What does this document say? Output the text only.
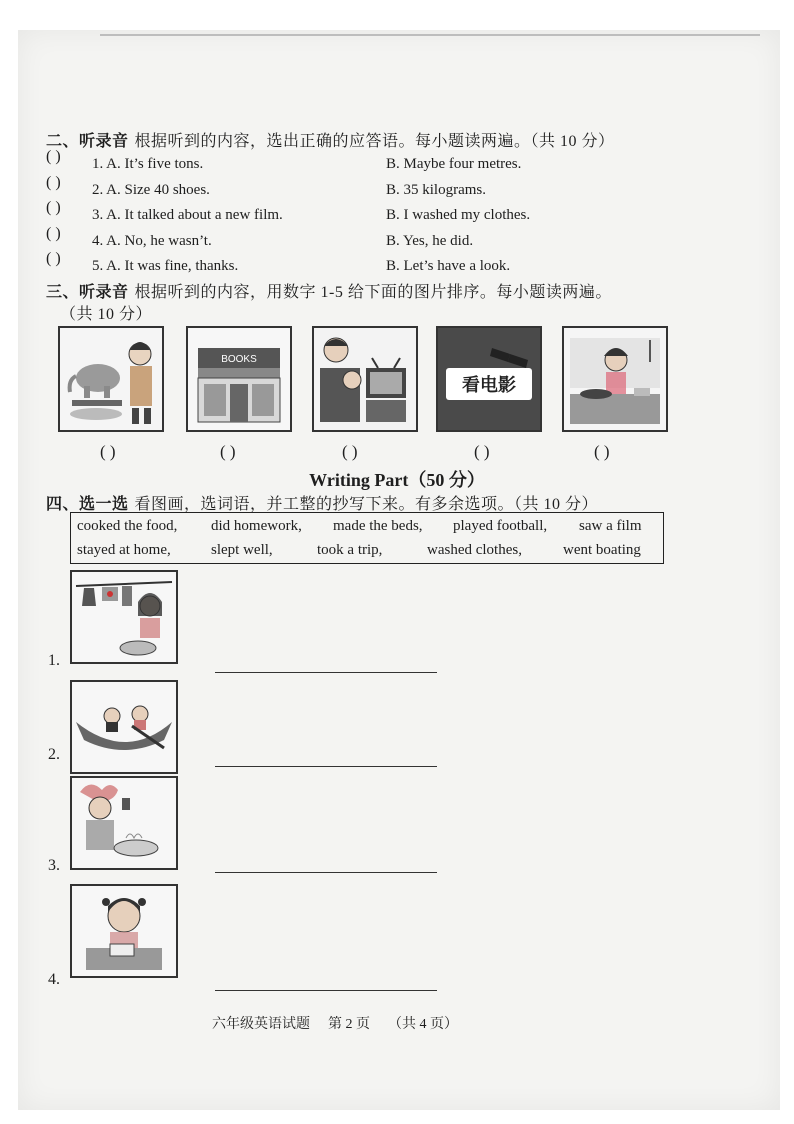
二、听录音 根据听到的内容，选出正确的应答语。每小题读两遍。（共 10 分）
( ) 1. A. It’s five tons.	B. Maybe four metres.
( ) 2. A. Size 40 shoes.	B. 35 kilograms.
( ) 3. A. It talked about a new film.	B. I washed my clothes.
( ) 4. A. No, he wasn’t.	B. Yes, he did.
( ) 5. A. It was fine, thanks.	B. Let’s have a look.
三、听录音 根据听到的内容，用数字 1-5 给下面的图片排序。每小题读两遍。
（共 10 分）
BOOKS
看电影
( )	( )	( )	( )	( )
Writing Part（50 分）
四、选一选 看图画，选词语，并工整的抄写下来。有多余选项。（共 10 分）
cooked the food, did homework, made the beds, played football, saw a film
stayed at home,	slept well,	took a trip,	washed clothes,	went boating
1.
2.
3.
4.
六年级英语试题 第 2 页 （共 4 页）
